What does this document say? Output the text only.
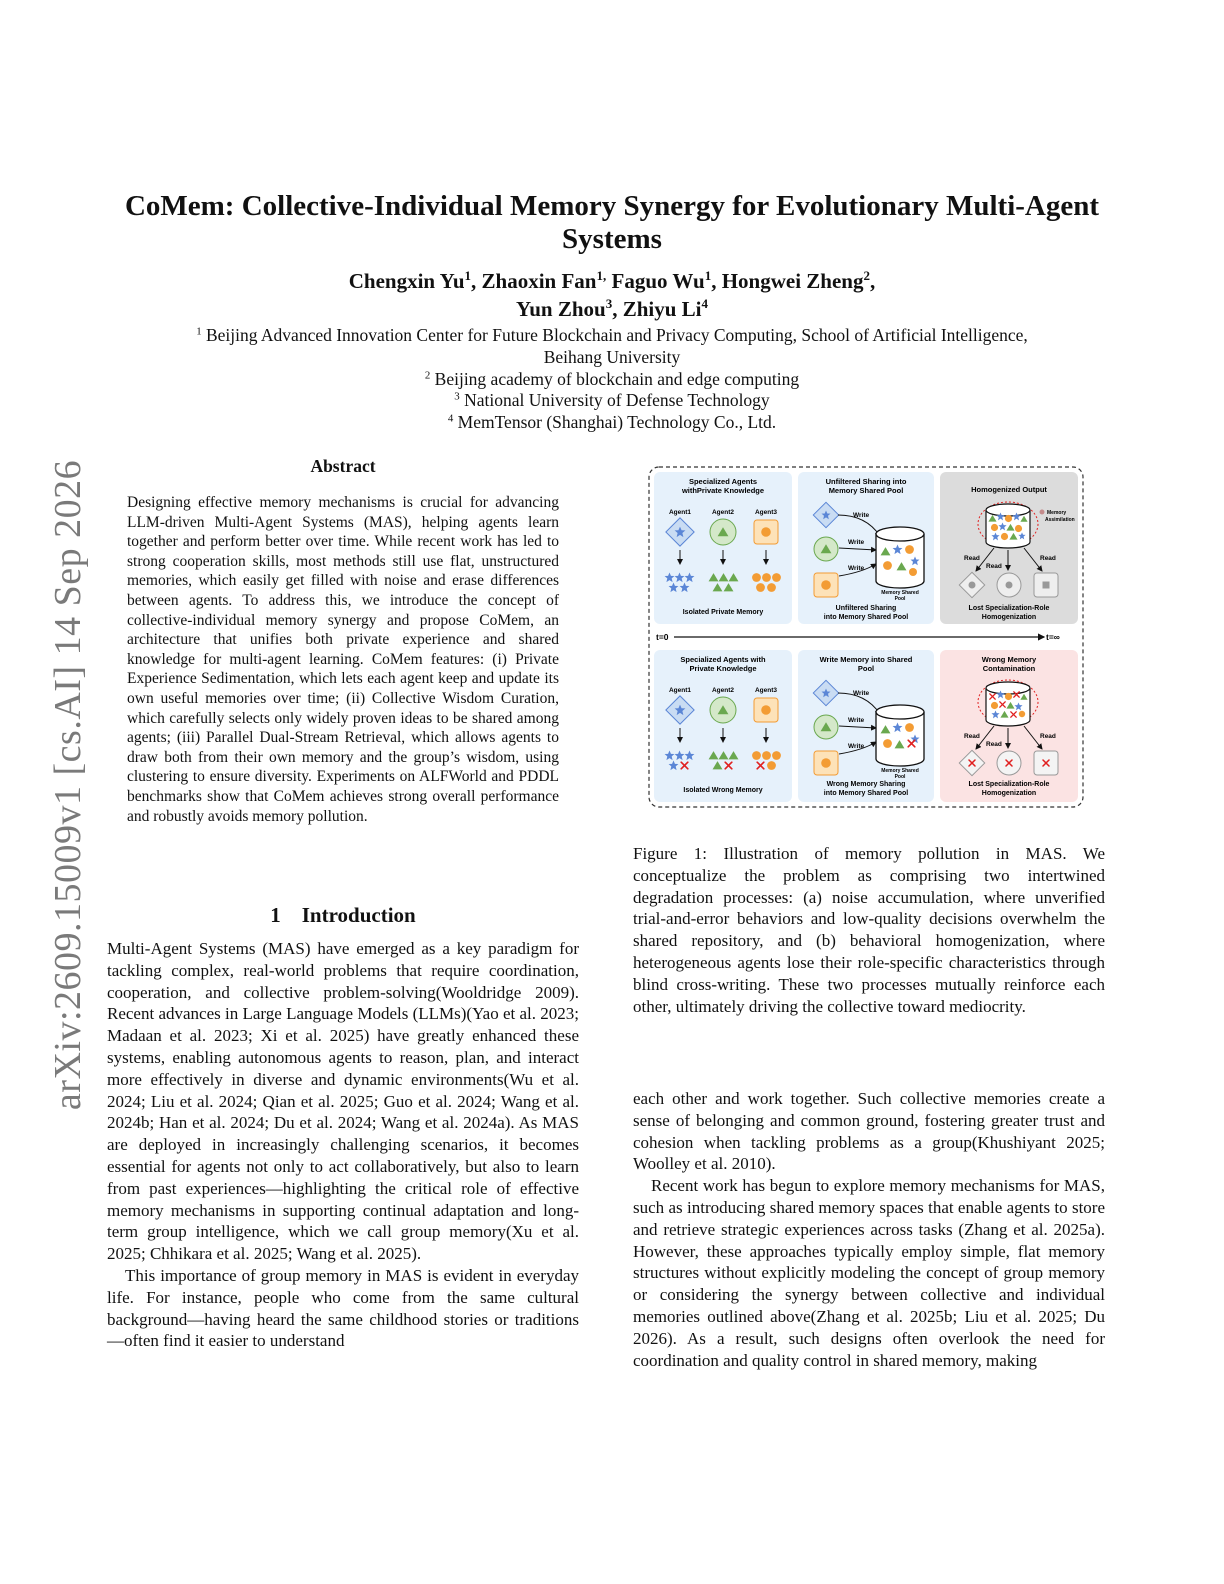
arXiv:2609.15009v1 [cs.AI] 14 Sep 2026
CoMem: Collective-Individual Memory Synergy for Evolutionary Multi-Agent
Systems
Chengxin Yu$^1$, Zhaoxin Fan$^{1,}$ Faguo Wu$^1$, Hongwei Zheng$^2$,
Yun Zhou$^3$, Zhiyu Li$^4$
$^1$ Beijing Advanced Innovation Center for Future Blockchain and Privacy Computing, School of Artificial Intelligence,
Beihang University
$^2$ Beijing academy of blockchain and edge computing
$^3$ National University of Defense Technology
$^4$ MemTensor (Shanghai) Technology Co., Ltd.
Abstract
Designing effective memory mechanisms is crucial for advancing LLM-driven Multi-Agent Systems (MAS), helping agents learn together and perform better over time. While recent work has led to strong cooperation skills, most methods still use flat, unstructured memories, which easily get filled with noise and erase differences between agents. To address this, we introduce the concept of collective-individual memory synergy and propose CoMem, an architecture that unifies both private experience and shared knowledge for multi-agent learning. CoMem features: (i) Private Experience Sedimentation, which lets each agent keep and update its own useful memories over time; (ii) Collective Wisdom Curation, which carefully selects only widely proven ideas to be shared among agents; (iii) Parallel Dual-Stream Retrieval, which allows agents to draw both from their own memory and the group’s wisdom, using clustering to ensure diversity. Experiments on ALFWorld and PDDL benchmarks show that CoMem achieves strong overall performance and robustly avoids memory pollution.
1    Introduction

Multi-Agent Systems (MAS) have emerged as a key paradigm for tackling complex, real-world problems that require coordination, cooperation, and collective problem-solving(Wooldridge 2009). Recent advances in Large Language Models (LLMs)(Yao et al. 2023; Madaan et al. 2023; Xi et al. 2025) have greatly enhanced these systems, enabling autonomous agents to reason, plan, and interact more effectively in diverse and dynamic environments(Wu et al. 2024; Liu et al. 2024; Qian et al. 2025; Guo et al. 2024; Wang et al. 2024b; Han et al. 2024; Du et al. 2024; Wang et al. 2024a). As MAS are deployed in increasingly challenging scenarios, it becomes essential for agents not only to act collaboratively, but also to learn from past experiences—highlighting the critical role of effective memory mechanisms in supporting continual adaptation and long-term group intelligence, which we call group memory(Xu et al. 2025; Chhikara et al. 2025; Wang et al. 2025).

This importance of group memory in MAS is evident in everyday life. For instance, people who come from the same cultural background—having heard the same childhood stories or traditions—often find it easier to understand

t=0	t=∞
Specialized Agents withPrivate Knowledge
Agent1	Agent2	Agent3
Isolated Private Memory
Unfiltered Sharing into Memory Shared Pool
Write
Write
Write
Memory Shared Pool
Unfiltered Sharing into Memory Shared Pool
Homogenized Output
Memory Assimilation
Read
Read
Read
Lost Specialization-Role Homogenization
Specialized Agents with Private Knowledge
Agent1	Agent2	Agent3
Isolated Wrong Memory
Write Memory into Shared Pool
Write
Write
Write
Memory Shared Pool
Wrong Memory Sharing into Memory Shared Pool
Wrong Memory Contamination
Read
Read
Read
Lost Specialization-Role Homogenization
Figure 1: Illustration of memory pollution in MAS. We conceptualize the problem as comprising two intertwined degradation processes: (a) noise accumulation, where unverified trial-and-error behaviors and low-quality decisions overwhelm the shared repository, and (b) behavioral homogenization, where heterogeneous agents lose their role-specific characteristics through blind cross-writing. These two processes mutually reinforce each other, ultimately driving the collective toward mediocrity.

each other and work together. Such collective memories create a sense of belonging and common ground, fostering greater trust and cohesion when tackling problems as a group(Khushiyant 2025; Woolley et al. 2010).

Recent work has begun to explore memory mechanisms for MAS, such as introducing shared memory spaces that enable agents to store and retrieve strategic experiences across tasks (Zhang et al. 2025a). However, these approaches typically employ simple, flat memory structures without explicitly modeling the concept of group memory or considering the synergy between collective and individual memories outlined above(Zhang et al. 2025b; Liu et al. 2025; Du 2026). As a result, such designs often overlook the need for coordination and quality control in shared memory, making
